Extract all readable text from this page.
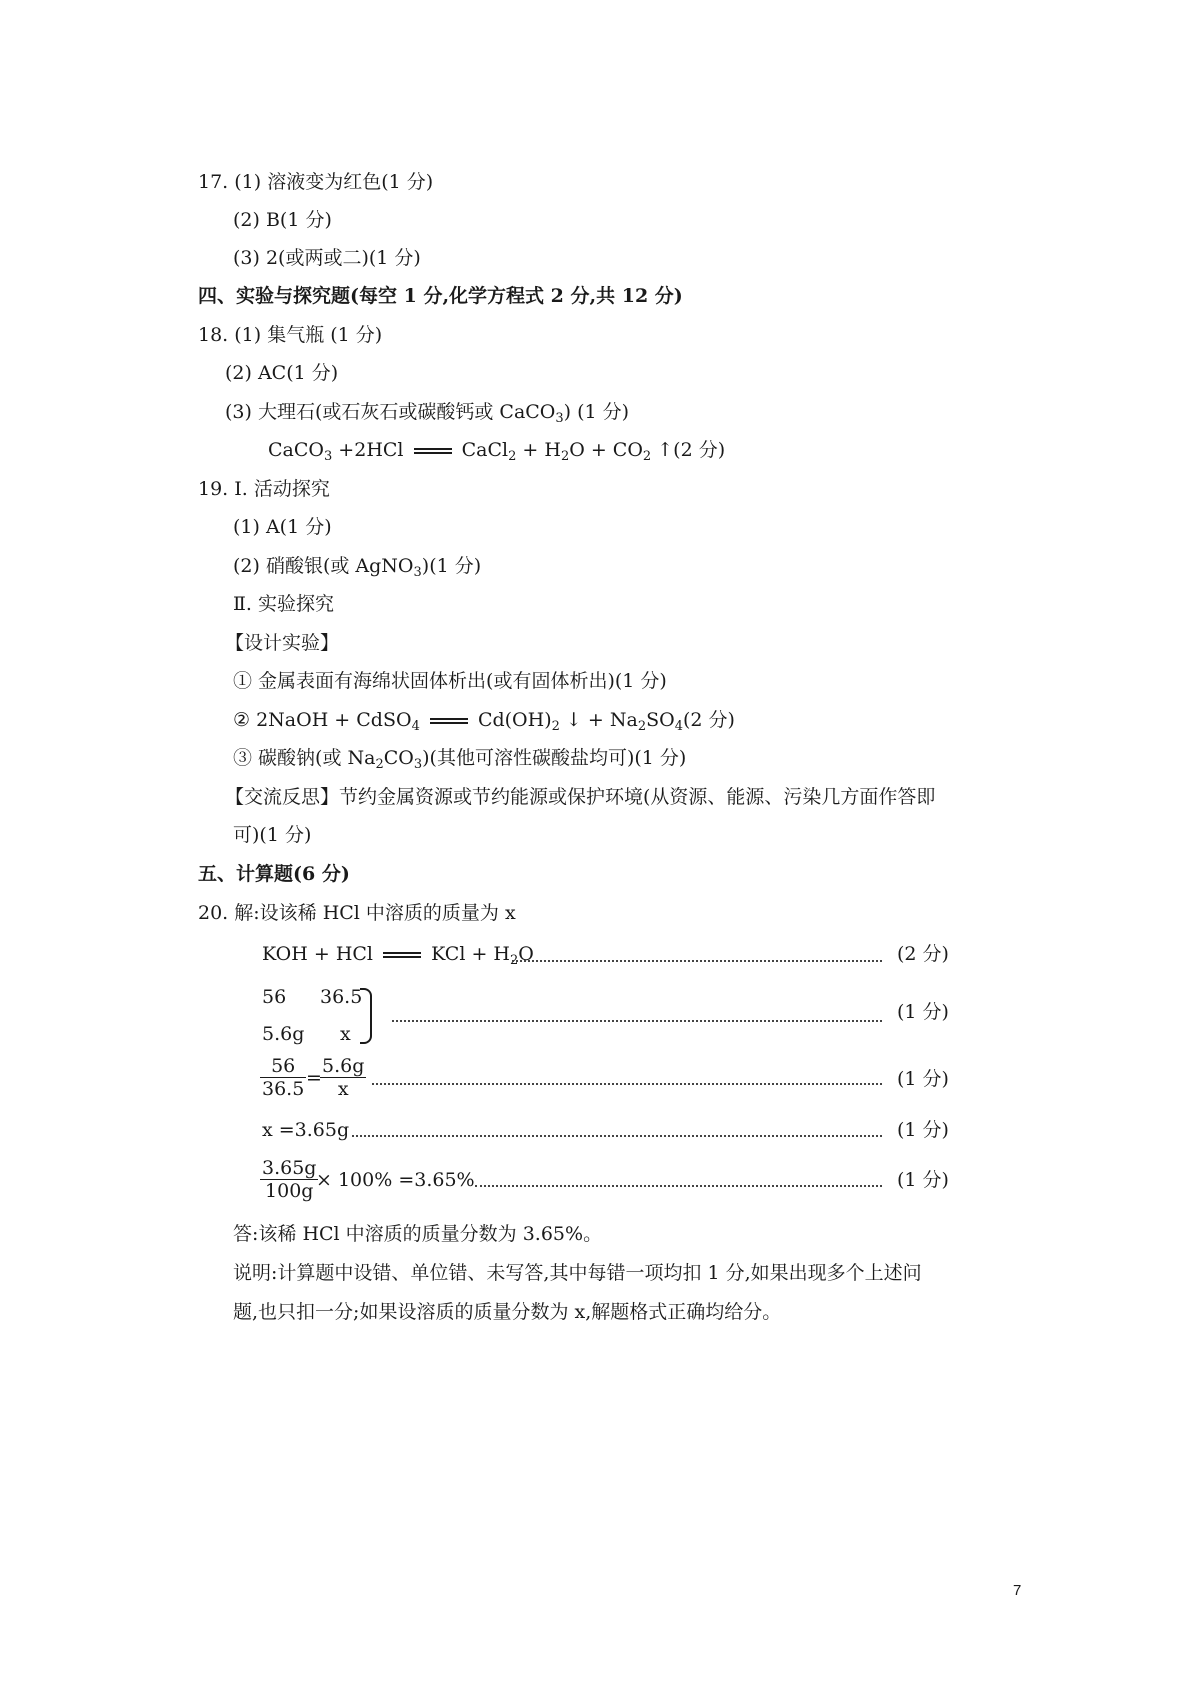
17. (1) 溶液变为红色(1 分)
(2) B(1 分)
(3) 2(或两或二)(1 分)
四、实验与探究题(每空 1 分,化学方程式 2 分,共 12 分)
18. (1) 集气瓶 (1 分)
(2) AC(1 分)
(3) 大理石(或石灰石或碳酸钙或 CaCO$_3$) (1 分)
CaCO$_3$ +2HCl	CaCl$_2$ + $H_2O + CO_2$ ↑(2 分)
19. Ⅰ. 活动探究
(1) A(1 分)
(2) 硝酸银(或 AgNO$_3$)(1 分)
Ⅱ. 实验探究
【设计实验】
① 金属表面有海绵状固体析出(或有固体析出)(1 分)
② 2NaOH + CdSO$_4$	$Cd(OH)_2$ ↓ + $Na_2SO_4(2$ 分)
③ 碳酸钠(或 $Na_2CO_3$)(其他可溶性碳酸盐均可)(1 分)
【交流反思】节约金属资源或节约能源或保护环境(从资源、能源、污染几方面作答即
可)(1 分)
五、计算题(6 分)
20. 解:设该稀 HCl 中溶质的质量为 x
KOH + HCl	KCl + $H_2O$	(2 分)
56 36.5
5.6g x
(1 分)
56
36.5 =
5.6g
x	(1 分)
x =3.65g	(1 分)
3.65g
100g × 100% =3.65%	(1 分)
答:该稀 HCl 中溶质的质量分数为 3.65%。
说明:计算题中设错、单位错、未写答,其中每错一项均扣 1 分,如果出现多个上述问
题,也只扣一分;如果设溶质的质量分数为 x,解题格式正确均给分。
7
